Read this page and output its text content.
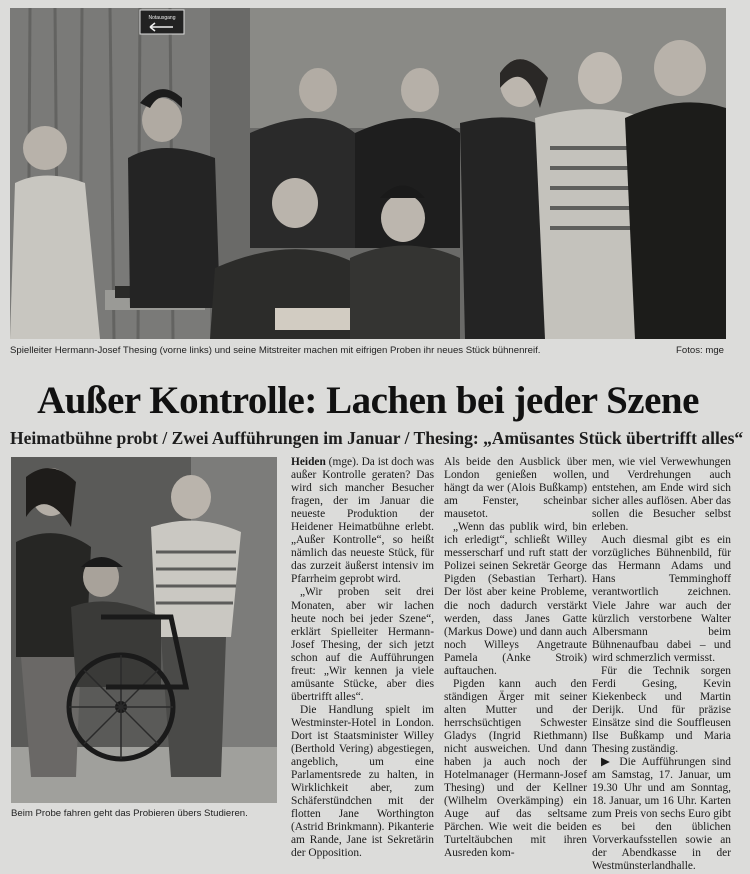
Notausgang
Spielleiter Hermann-Josef Thesing (vorne links) und seine Mitstreiter machen mit eifrigen Proben ihr neues Stück bühnenreif.	Fotos: mge
Außer Kontrolle: Lachen bei jeder Szene
Heimatbühne probt / Zwei Aufführungen im Januar / Thesing: „Amüsantes Stück übertrifft alles“
Beim Probe fahren geht das Probieren übers Studieren.

Heiden (mge). Da ist doch was außer Kontrolle geraten? Das wird sich mancher Besucher fragen, der im Januar die neueste Produktion der Heidener Heimatbühne erlebt. „Außer Kontrolle“, so heißt nämlich das neueste Stück, für das zurzeit äußerst intensiv im Pfarrheim geprobt wird.

„Wir proben seit drei Monaten, aber wir lachen heute noch bei jeder Szene“, erklärt Spielleiter Hermann-Josef Thesing, der sich jetzt schon auf die Aufführungen freut: „Wir kennen ja viele amüsante Stücke, aber dies übertrifft alles“.

Die Handlung spielt im Westminster-Hotel in London. Dort ist Staatsminister Willey (Berthold Vering) abgestiegen, angeblich, um eine Parlamentsrede zu halten, in Wirklichkeit aber, zum Schäferstündchen mit der flotten Jane Worthington (Astrid Brinkmann). Pikanterie am Rande, Jane ist Sekretärin der Opposition.

Als beide den Ausblick über London genießen wollen, hängt da wer (Alois Bußkamp) am Fenster, scheinbar mausetot.

„Wenn das publik wird, bin ich erledigt“, schließt Willey messerscharf und ruft statt der Polizei seinen Sekretär George Pigden (Sebastian Terhart). Der löst aber keine Probleme, die noch dadurch verstärkt werden, dass Janes Gatte (Markus Dowe) und dann auch noch Willeys Angetraute Pamela (Anke Stroik) auftauchen.

Pigden kann auch den ständigen Ärger mit seiner alten Mutter und der herrschsüchtigen Schwester Gladys (Ingrid Riethmann) nicht ausweichen. Und dann haben ja auch noch der Hotelmanager (Hermann-Josef Thesing) und der Kellner (Wilhelm Overkämping) ein Auge auf das seltsame Pärchen. Wie weit die beiden Turteltäubchen mit ihren Ausreden kom-

men, wie viel Verwewhungen und Verdrehungen auch entstehen, am Ende wird sich sicher alles auflösen. Aber das sollen die Besucher selbst erleben.

Auch diesmal gibt es ein vorzügliches Bühnenbild, für das Hermann Adams und Hans Temminghoff verantwortlich zeichnen. Viele Jahre war auch der kürzlich verstorbene Walter Albersmann beim Bühnenaufbau dabei – und wird schmerzlich vermisst.

Für die Technik sorgen Ferdi Gesing, Kevin Kiekenbeck und Martin Derijk. Und für präzise Einsätze sind die Souffleusen Ilse Bußkamp und Maria Thesing zuständig.

▶ Die Aufführungen sind am Samstag, 17. Januar, um 19.30 Uhr und am Sonntag, 18. Januar, um 16 Uhr. Karten zum Preis von sechs Euro gibt es bei den üblichen Vorverkaufsstellen sowie an der Abendkasse in der Westmünsterlandhalle.
